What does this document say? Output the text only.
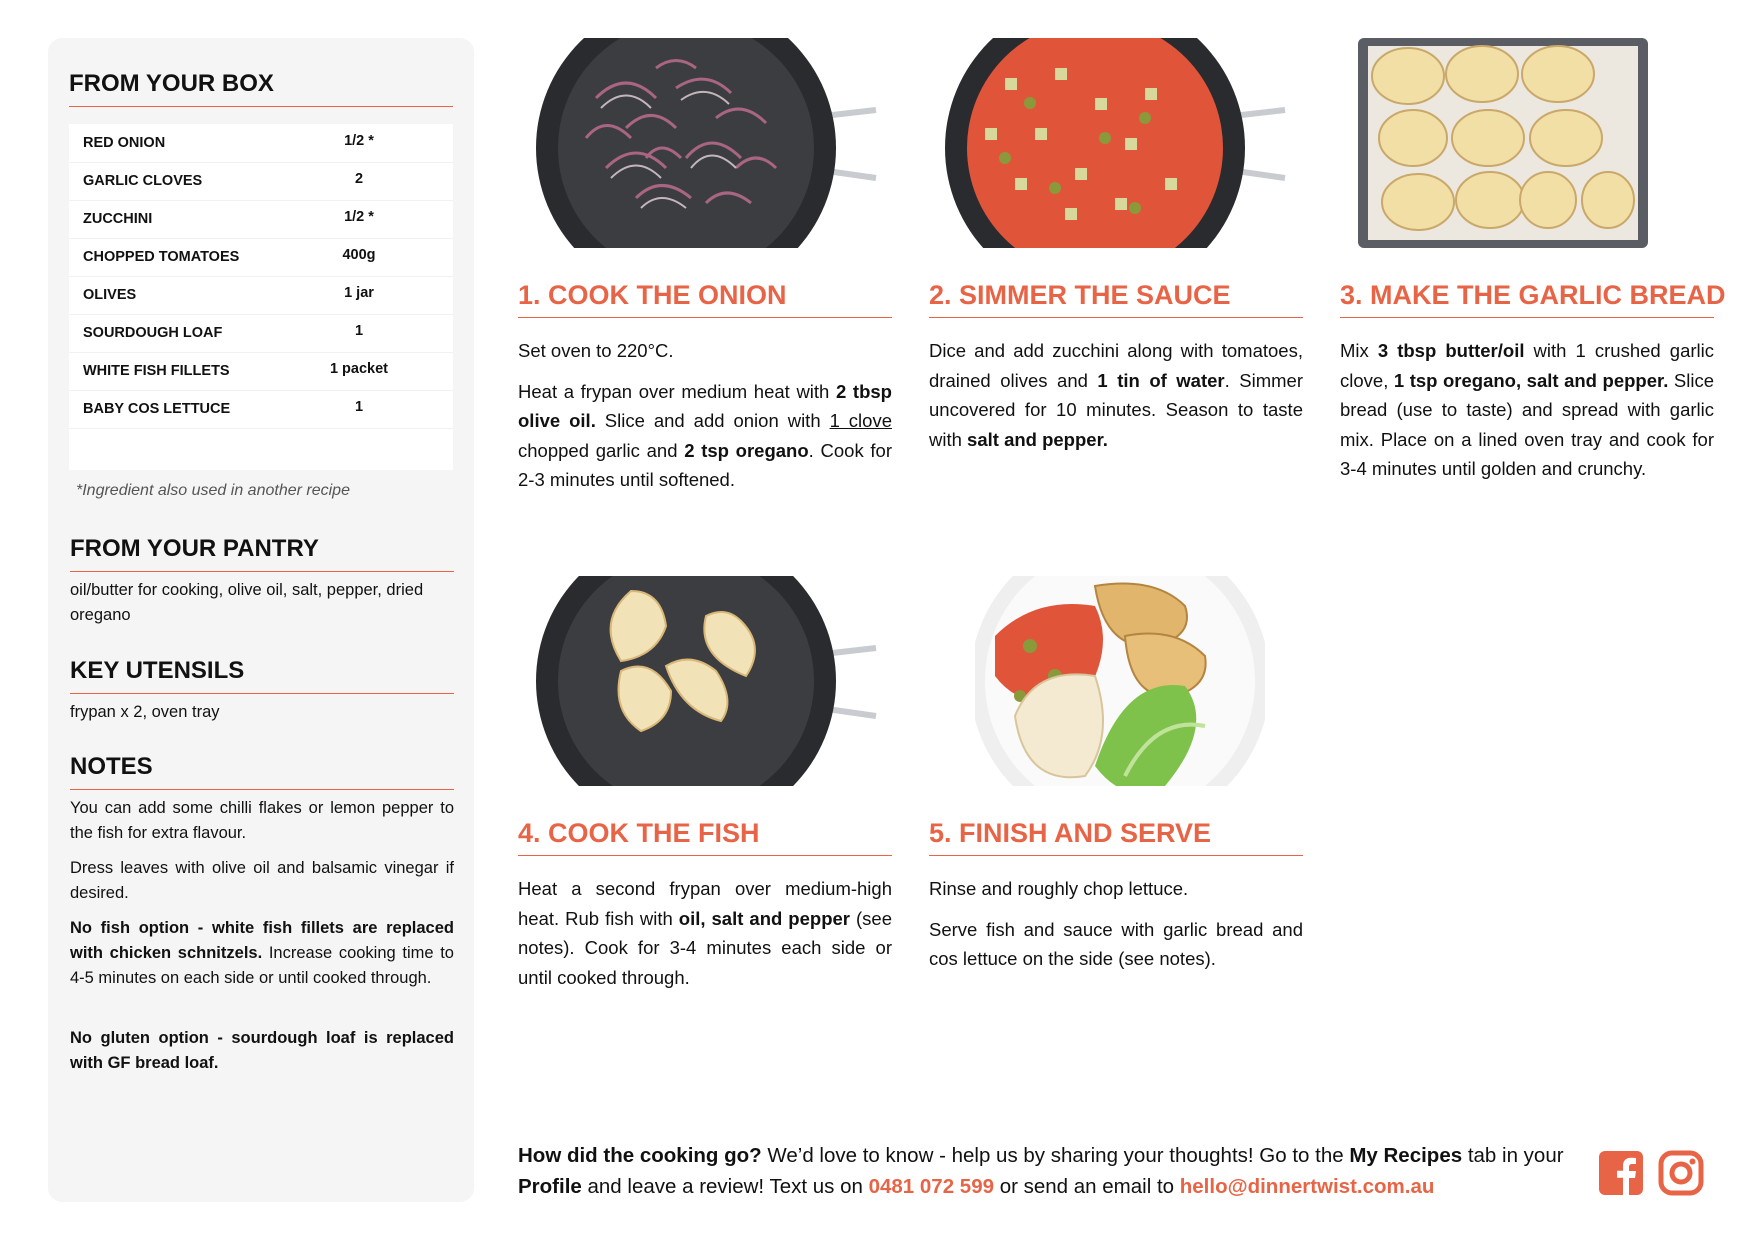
FROM YOUR BOX
RED ONION	1/2 *
GARLIC CLOVES	2
ZUCCHINI	1/2 *
CHOPPED TOMATOES	400g
OLIVES	1 jar
SOURDOUGH LOAF	1
WHITE FISH FILLETS	1 packet
BABY COS LETTUCE	1
*Ingredient also used in another recipe
FROM YOUR PANTRY

oil/butter for cooking, olive oil, salt, pepper, dried oregano

KEY UTENSILS

frypan x 2, oven tray

NOTES

You can add some chilli flakes or lemon pepper to the fish for extra flavour.

Dress leaves with olive oil and balsamic vinegar if desired.

No fish option - white fish fillets are replaced with chicken schnitzels. Increase cooking time to 4-5 minutes on each side or until cooked through.

No gluten option - sourdough loaf is replaced with GF bread loaf.

1. COOK THE ONION

Set oven to 220°C.

Heat a frypan over medium heat with 2 tbsp olive oil. Slice and add onion with 1 clove chopped garlic and 2 tsp oregano. Cook for 2-3 minutes until softened.

2. SIMMER THE SAUCE

Dice and add zucchini along with tomatoes, drained olives and 1 tin of water. Simmer uncovered for 10 minutes. Season to taste with salt and pepper.

3. MAKE THE GARLIC BREAD

Mix 3 tbsp butter/oil with 1 crushed garlic clove, 1 tsp oregano, salt and pepper. Slice bread (use to taste) and spread with garlic mix. Place on a lined oven tray and cook for 3-4 minutes until golden and crunchy.

4. COOK THE FISH

Heat a second frypan over medium-high heat. Rub fish with oil, salt and pepper (see notes). Cook for 3-4 minutes each side or until cooked through.

5. FINISH AND SERVE

Rinse and roughly chop lettuce.

Serve fish and sauce with garlic bread and cos lettuce on the side (see notes).

How did the cooking go? We’d love to know - help us by sharing your thoughts! Go to the My Recipes tab in your Profile and leave a review! Text us on 0481 072 599 or send an email to hello@dinnertwist.com.au
